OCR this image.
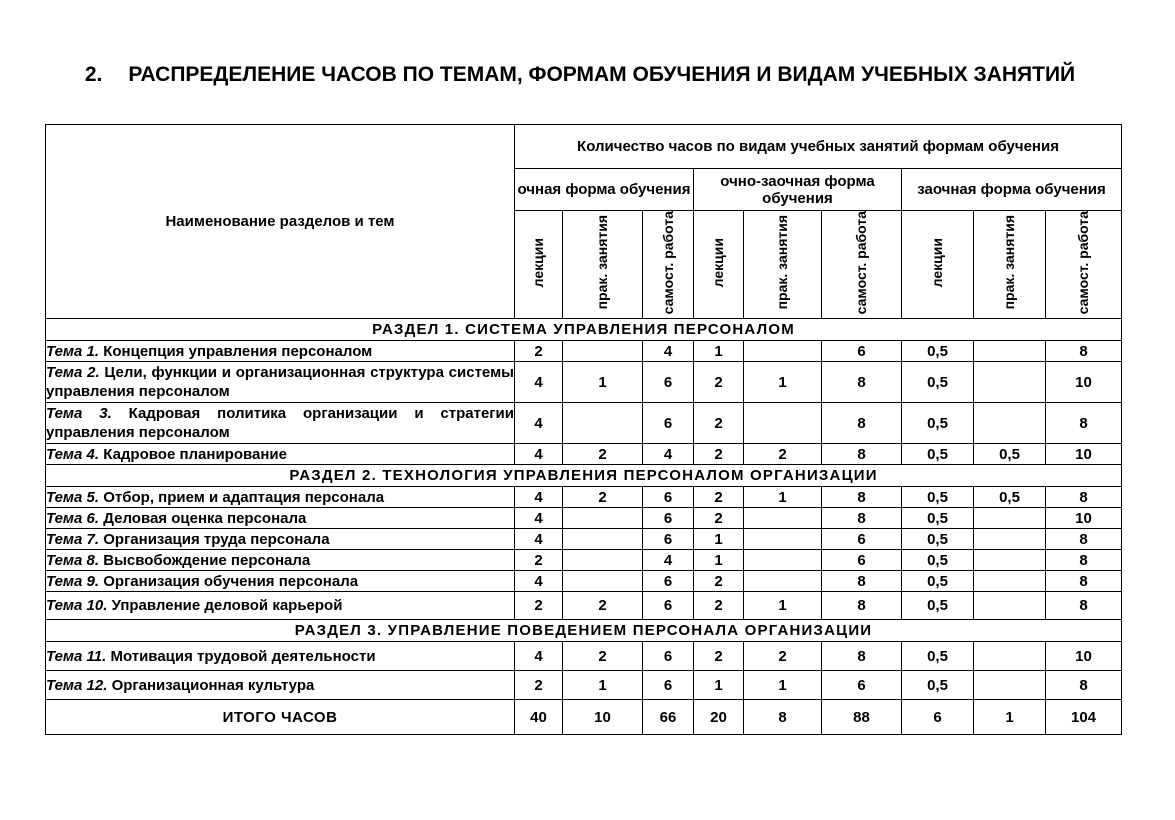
2. РАСПРЕДЕЛЕНИЕ ЧАСОВ ПО ТЕМАМ, ФОРМАМ ОБУЧЕНИЯ И ВИДАМ УЧЕБНЫХ ЗАНЯТИЙ
Наименование разделов и тем	Количество часов по видам учебных занятий формам обучения								
	очная форма обучения			очно-заочная форма обучения			заочная форма обучения		
	лекции	прак. занятия	самост. работа	лекции	прак. занятия	самост. работа	лекции	прак. занятия	самост. работа
РАЗДЕЛ 1. СИСТЕМА УПРАВЛЕНИЯ ПЕРСОНАЛОМ									
Тема 1. Концепция управления персоналом	2		4	1		6	0,5		8
Тема 2. Цели, функции и организационная структура системы управления персоналом	4	1	6	2	1	8	0,5		10
Тема 3. Кадровая политика организации и стратегии управления персоналом	4		6	2		8	0,5		8
Тема 4. Кадровое планирование	4	2	4	2	2	8	0,5	0,5	10
РАЗДЕЛ 2. ТЕХНОЛОГИЯ УПРАВЛЕНИЯ ПЕРСОНАЛОМ ОРГАНИЗАЦИИ									
Тема 5. Отбор, прием и адаптация персонала	4	2	6	2	1	8	0,5	0,5	8
Тема 6. Деловая оценка персонала	4		6	2		8	0,5		10
Тема 7. Организация труда персонала	4		6	1		6	0,5		8
Тема 8. Высвобождение персонала	2		4	1		6	0,5		8
Тема 9. Организация обучения персонала	4		6	2		8	0,5		8
Тема 10. Управление деловой карьерой	2	2	6	2	1	8	0,5		8
РАЗДЕЛ 3. УПРАВЛЕНИЕ ПОВЕДЕНИЕМ ПЕРСОНАЛА ОРГАНИЗАЦИИ									
Тема 11. Мотивация трудовой деятельности	4	2	6	2	2	8	0,5		10
Тема 12. Организационная культура	2	1	6	1	1	6	0,5		8
ИТОГО ЧАСОВ	40	10	66	20	8	88	6	1	104
